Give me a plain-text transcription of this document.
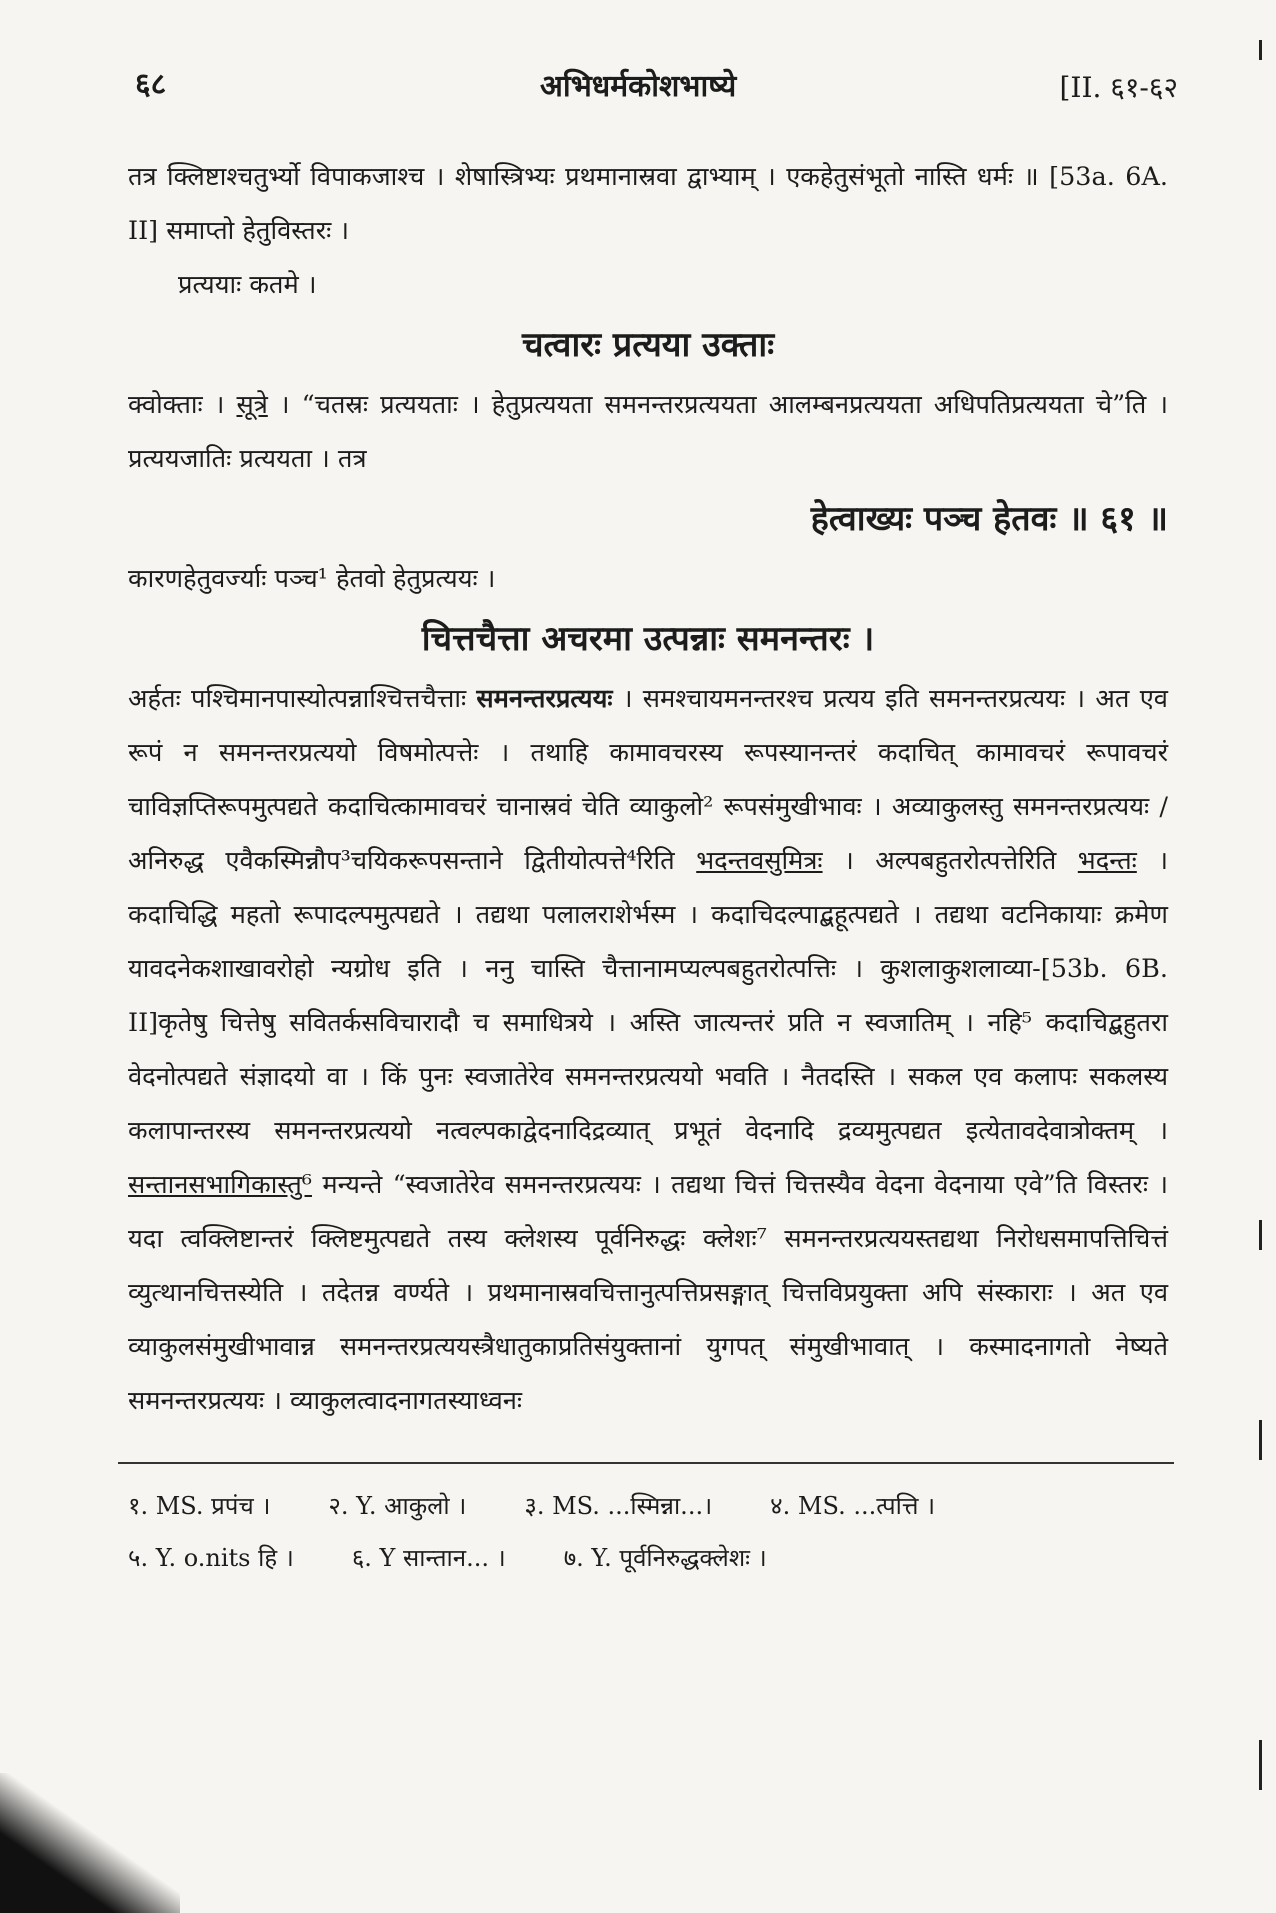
६८	अभिधर्मकोशभाष्ये	[II. ६१-६२

तत्र क्लिष्टाश्चतुर्भ्यो विपाकजाश्च । शेषास्त्रिभ्यः प्रथमानास्रवा द्वाभ्याम् । एकहेतुसंभूतो नास्ति धर्मः ॥ [53a. 6A. II] समाप्तो हेतुविस्तरः ।

प्रत्ययाः कतमे ।

चत्वारः प्रत्यया उक्ताः

क्वोक्ताः । सूत्रे । “चतस्रः प्रत्ययताः । हेतुप्रत्ययता समनन्तरप्रत्ययता आलम्बनप्रत्ययता अधिपतिप्रत्ययता चे”ति । प्रत्ययजातिः प्रत्ययता । तत्र

हेत्वाख्यः पञ्च हेतवः ॥ ६१ ॥

कारणहेतुवर्ज्याः पञ्च¹ हेतवो हेतुप्रत्ययः ।

चित्तचैत्ता अचरमा उत्पन्नाः समनन्तरः ।

अर्हतः पश्चिमानपास्योत्पन्नाश्चित्तचैत्ताः समनन्तरप्रत्ययः । समश्चायमनन्तरश्च प्रत्यय इति समनन्तरप्रत्ययः । अत एव रूपं न समनन्तरप्रत्ययो विषमोत्पत्तेः । तथाहि कामावचरस्य रूपस्यानन्तरं कदाचित् कामावचरं रूपावचरं चाविज्ञप्तिरूपमुत्पद्यते कदाचित्कामावचरं चानास्रवं चेति व्याकुलो² रूपसंमुखीभावः । अव्याकुलस्तु समनन्तरप्रत्ययः / अनिरुद्ध एवैकस्मिन्नौप³चयिकरूपसन्ताने द्वितीयोत्पत्ते⁴रिति भदन्तवसुमित्रः । अल्पबहुतरोत्पत्तेरिति भदन्तः । कदाचिद्धि महतो रूपादल्पमुत्पद्यते । तद्यथा पलालराशेर्भस्म । कदाचिदल्पाद्बहूत्पद्यते । तद्यथा वटनिकायाः क्रमेण यावदनेकशाखावरोहो न्यग्रोध इति । ननु चास्ति चैत्तानामप्यल्पबहुतरोत्पत्तिः । कुशलाकुशलाव्या-[53b. 6B. II]कृतेषु चित्तेषु सवितर्कसविचारादौ च समाधित्रये । अस्ति जात्यन्तरं प्रति न स्वजातिम् । नहि⁵ कदाचिद्बहुतरा वेदनोत्पद्यते संज्ञादयो वा । किं पुनः स्वजातेरेव समनन्तरप्रत्ययो भवति । नैतदस्ति । सकल एव कलापः सकलस्य कलापान्तरस्य समनन्तरप्रत्ययो नत्वल्पकाद्वेदनादिद्रव्यात् प्रभूतं वेदनादि द्रव्यमुत्पद्यत इत्येतावदेवात्रोक्तम् । सन्तानसभागिकास्तु⁶ मन्यन्ते “स्वजातेरेव समनन्तरप्रत्ययः । तद्यथा चित्तं चित्तस्यैव वेदना वेदनाया एवे”ति विस्तरः । यदा त्वक्लिष्टान्तरं क्लिष्टमुत्पद्यते तस्य क्लेशस्य पूर्वनिरुद्धः क्लेशः⁷ समनन्तरप्रत्ययस्तद्यथा निरोधसमापत्तिचित्तं व्युत्थानचित्तस्येति । तदेतन्न वर्ण्यते । प्रथमानास्रवचित्तानुत्पत्तिप्रसङ्गात् चित्तविप्रयुक्ता अपि संस्काराः । अत एव व्याकुलसंमुखीभावान्न समनन्तरप्रत्ययस्त्रैधातुकाप्रतिसंयुक्तानां युगपत् संमुखीभावात् । कस्मादनागतो नेष्यते समनन्तरप्रत्ययः । व्याकुलत्वादनागतस्याध्वनः

१. MS. प्रपंच । २. Y. आकुलो । ३. MS. ...स्मिन्ना...। ४. MS. ...त्पत्ति ।
५. Y. o.nits हि । ६. Y सान्तान... । ७. Y. पूर्वनिरुद्धक्लेशः ।
